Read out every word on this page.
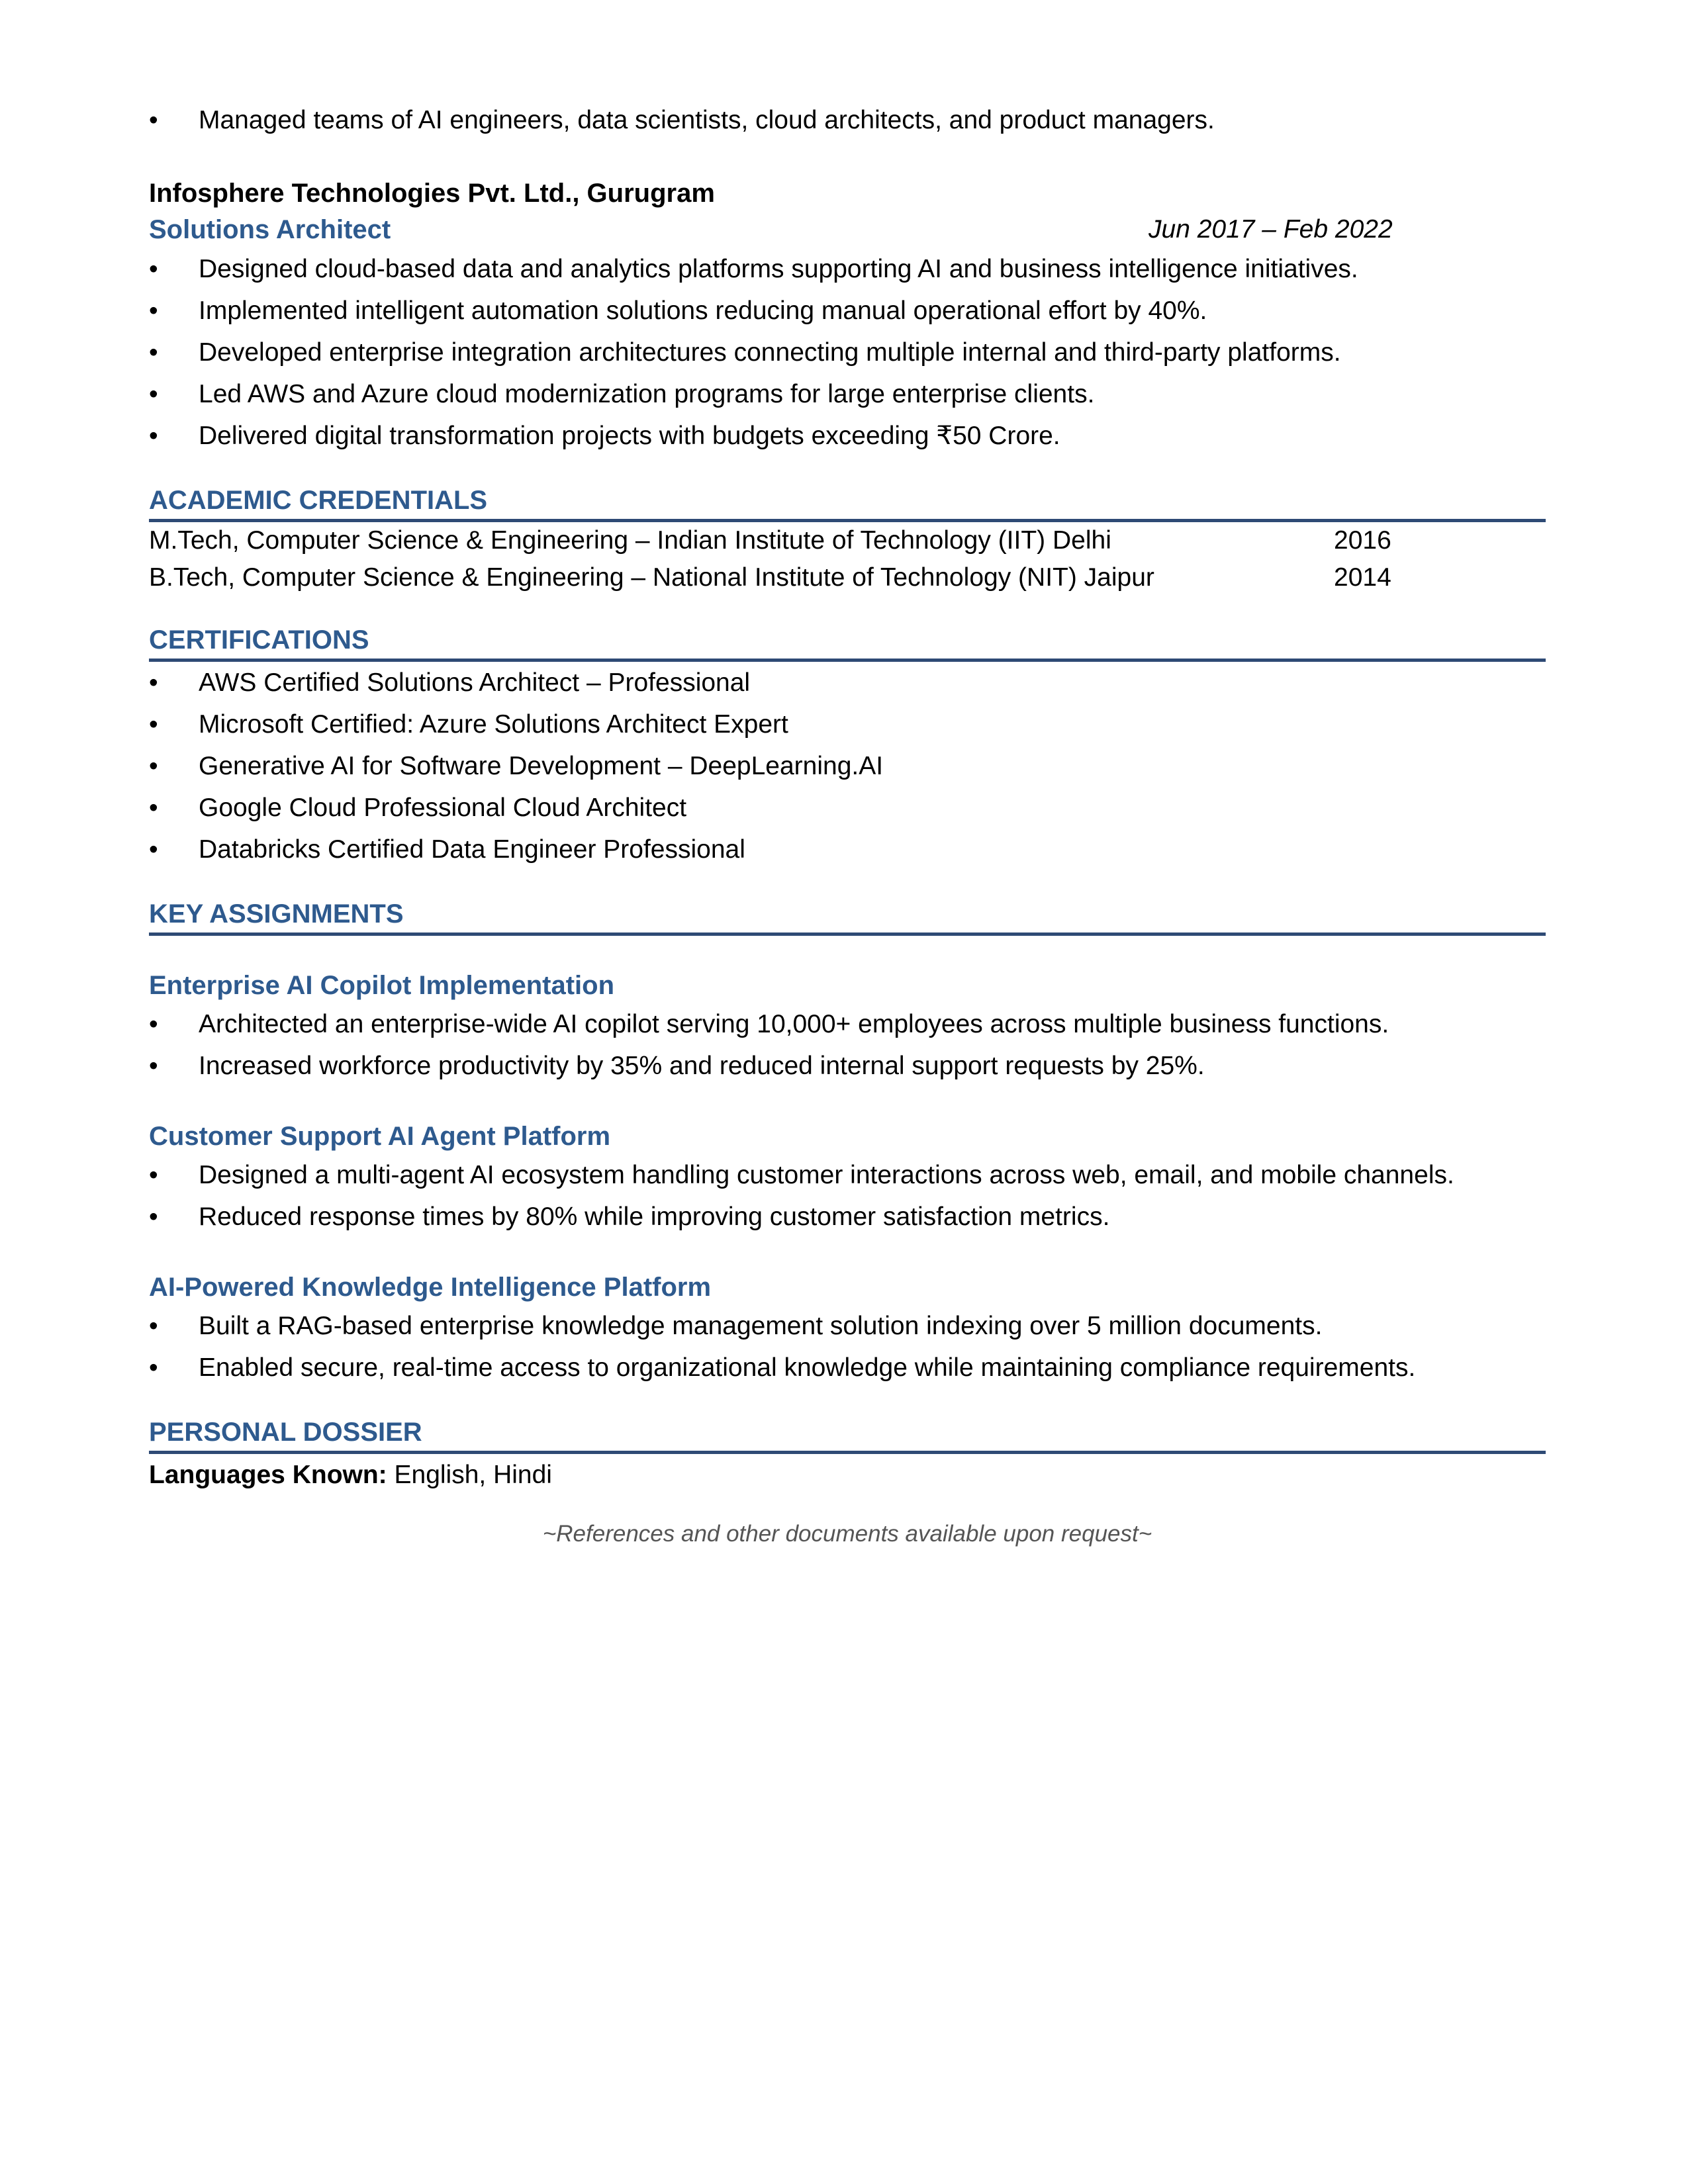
• Managed teams of AI engineers, data scientists, cloud architects, and product managers.
Infosphere Technologies Pvt. Ltd., Gurugram
Solutions Architect	Jun 2017 – Feb 2022
• Designed cloud-based data and analytics platforms supporting AI and business intelligence initiatives.
• Implemented intelligent automation solutions reducing manual operational effort by 40%.
• Developed enterprise integration architectures connecting multiple internal and third-party platforms.
• Led AWS and Azure cloud modernization programs for large enterprise clients.
• Delivered digital transformation projects with budgets exceeding ₹50 Crore.
ACADEMIC CREDENTIALS
M.Tech, Computer Science & Engineering – Indian Institute of Technology (IIT) Delhi	2016
B.Tech, Computer Science & Engineering – National Institute of Technology (NIT) Jaipur	2014
CERTIFICATIONS
• AWS Certified Solutions Architect – Professional
• Microsoft Certified: Azure Solutions Architect Expert
• Generative AI for Software Development – DeepLearning.AI
• Google Cloud Professional Cloud Architect
• Databricks Certified Data Engineer Professional
KEY ASSIGNMENTS
Enterprise AI Copilot Implementation
• Architected an enterprise-wide AI copilot serving 10,000+ employees across multiple business functions.
• Increased workforce productivity by 35% and reduced internal support requests by 25%.
Customer Support AI Agent Platform
• Designed a multi-agent AI ecosystem handling customer interactions across web, email, and mobile channels.
• Reduced response times by 80% while improving customer satisfaction metrics.
AI-Powered Knowledge Intelligence Platform
• Built a RAG-based enterprise knowledge management solution indexing over 5 million documents.
• Enabled secure, real-time access to organizational knowledge while maintaining compliance requirements.
PERSONAL DOSSIER
Languages Known: English, Hindi
~References and other documents available upon request~
